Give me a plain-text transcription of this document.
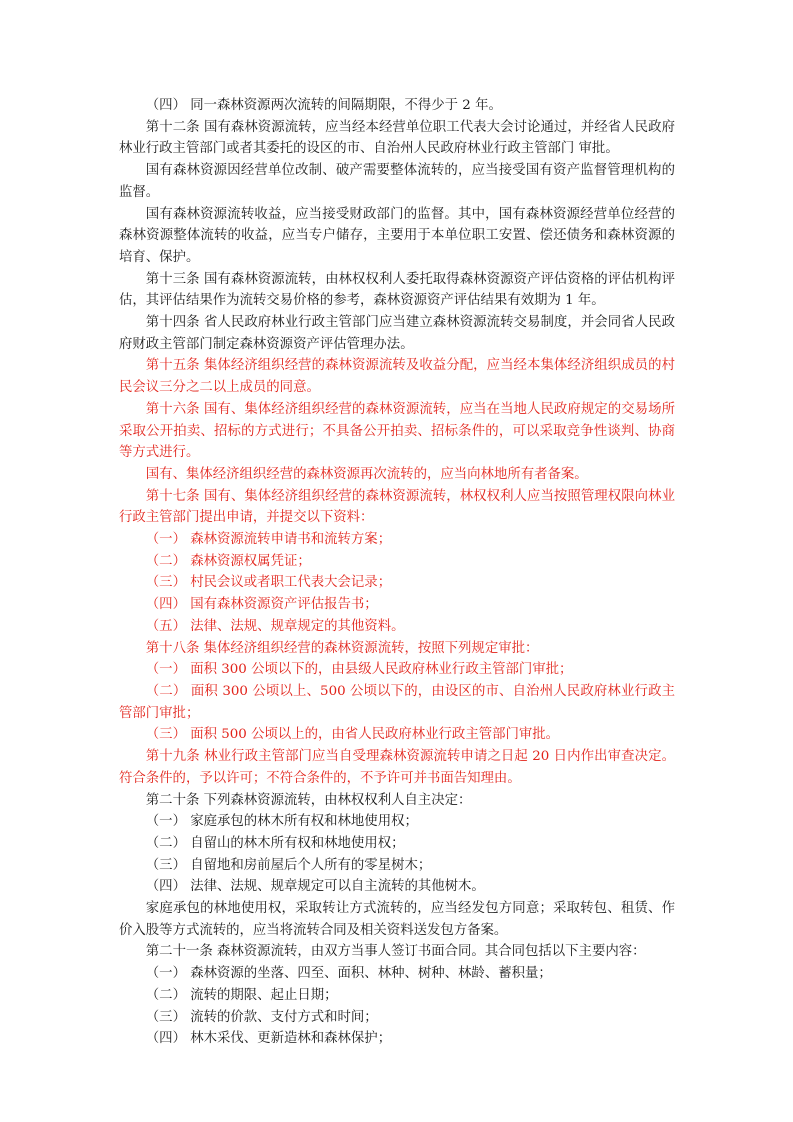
（四） 同一森林资源两次流转的间隔期限，不得少于 2 年。

第十二条 国有森林资源流转，应当经本经营单位职工代表大会讨论通过，并经省人民政府林业行政主管部门或者其委托的设区的市、自治州人民政府林业行政主管部门 审批。

国有森林资源因经营单位改制、破产需要整体流转的，应当接受国有资产监督管理机构的监督。

国有森林资源流转收益，应当接受财政部门的监督。其中，国有森林资源经营单位经营的森林资源整体流转的收益，应当专户储存，主要用于本单位职工安置、偿还债务和森林资源的培育、保护。

第十三条 国有森林资源流转，由林权权利人委托取得森林资源资产评估资格的评估机构评估，其评估结果作为流转交易价格的参考，森林资源资产评估结果有效期为 1 年。

第十四条 省人民政府林业行政主管部门应当建立森林资源流转交易制度，并会同省人民政府财政主管部门制定森林资源资产评估管理办法。

第十五条 集体经济组织经营的森林资源流转及收益分配，应当经本集体经济组织成员的村民会议三分之二以上成员的同意。

第十六条 国有、集体经济组织经营的森林资源流转，应当在当地人民政府规定的交易场所采取公开拍卖、招标的方式进行；不具备公开拍卖、招标条件的，可以采取竞争性谈判、协商等方式进行。

国有、集体经济组织经营的森林资源再次流转的，应当向林地所有者备案。

第十七条 国有、集体经济组织经营的森林资源流转，林权权利人应当按照管理权限向林业行政主管部门提出申请，并提交以下资料：

（一） 森林资源流转申请书和流转方案；

（二） 森林资源权属凭证；

（三） 村民会议或者职工代表大会记录；

（四） 国有森林资源资产评估报告书；

（五） 法律、法规、规章规定的其他资料。

第十八条 集体经济组织经营的森林资源流转，按照下列规定审批：

（一） 面积 300 公顷以下的，由县级人民政府林业行政主管部门审批；

（二） 面积 300 公顷以上、500 公顷以下的，由设区的市、自治州人民政府林业行政主管部门审批；

（三） 面积 500 公顷以上的，由省人民政府林业行政主管部门审批。

第十九条 林业行政主管部门应当自受理森林资源流转申请之日起 20 日内作出审查决定。符合条件的，予以许可；不符合条件的，不予许可并书面告知理由。

第二十条 下列森林资源流转，由林权权利人自主决定：

（一） 家庭承包的林木所有权和林地使用权；

（二） 自留山的林木所有权和林地使用权；

（三） 自留地和房前屋后个人所有的零星树木；

（四） 法律、法规、规章规定可以自主流转的其他树木。

家庭承包的林地使用权，采取转让方式流转的，应当经发包方同意；采取转包、租赁、作价入股等方式流转的，应当将流转合同及相关资料送发包方备案。

第二十一条 森林资源流转，由双方当事人签订书面合同。其合同包括以下主要内容：

（一） 森林资源的坐落、四至、面积、林种、树种、林龄、蓄积量；

（二） 流转的期限、起止日期；

（三） 流转的价款、支付方式和时间；

（四） 林木采伐、更新造林和森林保护；
